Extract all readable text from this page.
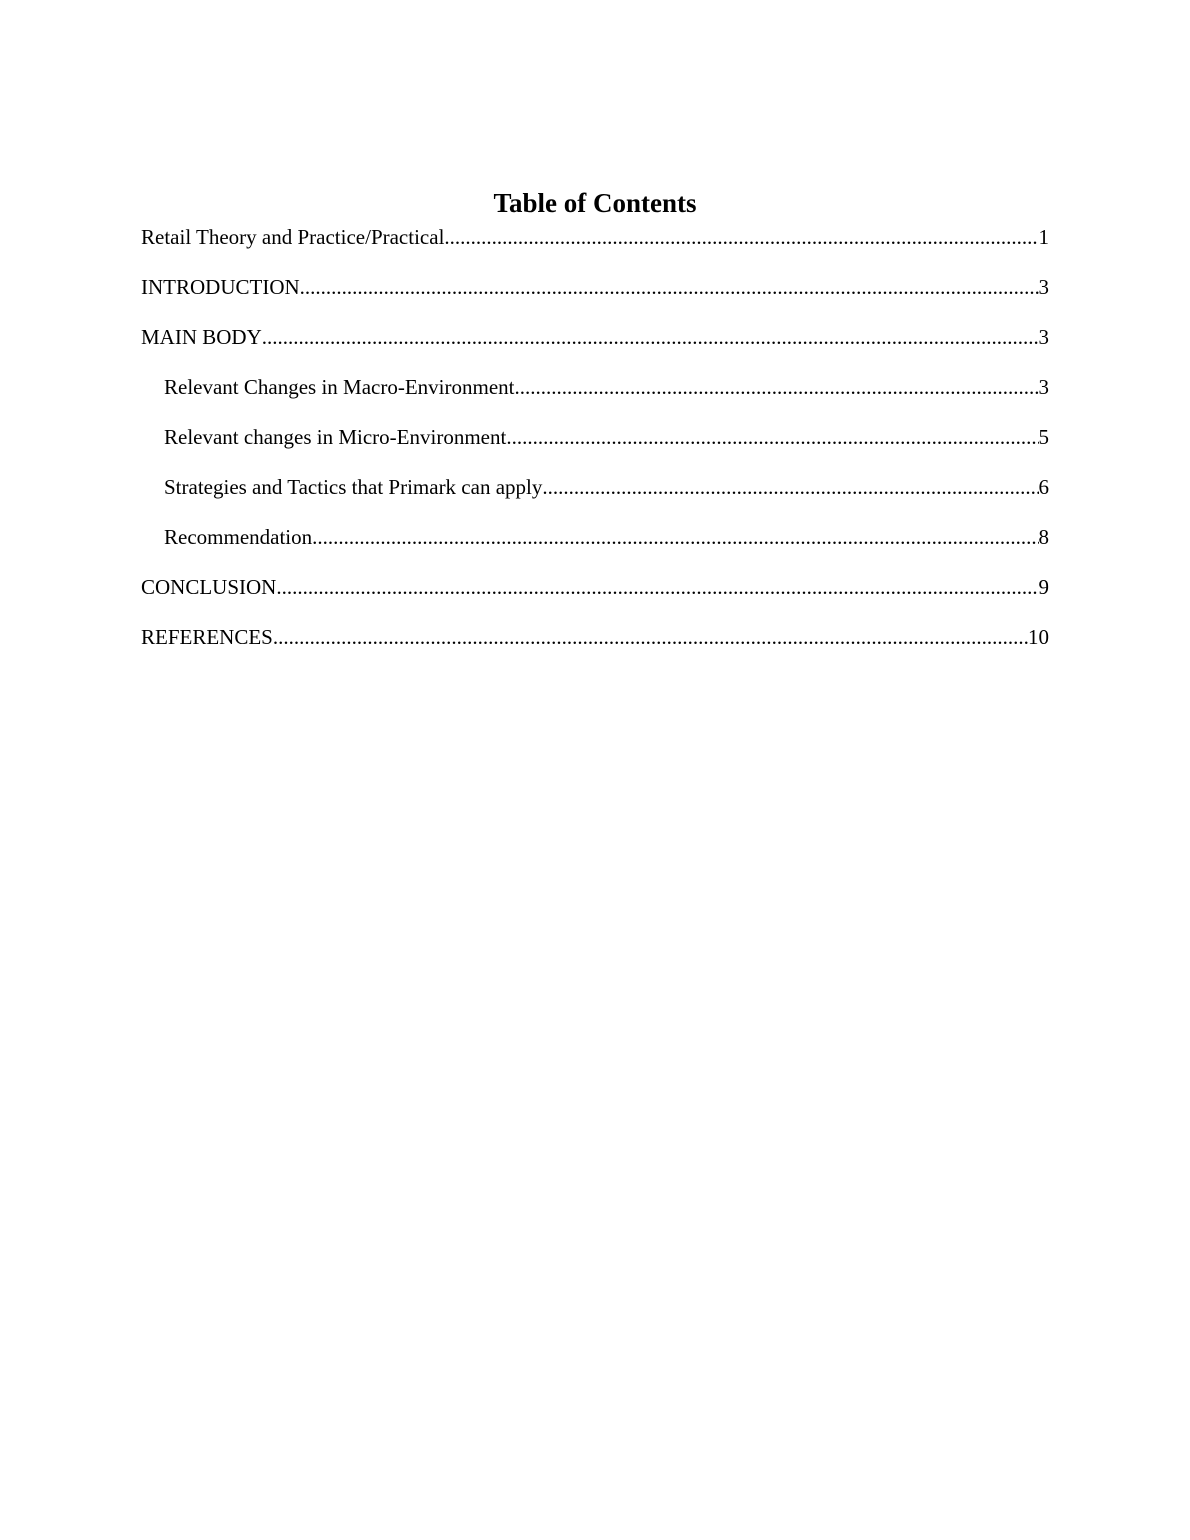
Table of Contents
Retail Theory and Practice/Practical .....	1
INTRODUCTION .....	3
MAIN BODY .....	3
Relevant Changes in Macro-Environment .....	3
Relevant changes in Micro-Environment .....	5
Strategies and Tactics that Primark can apply .....	6
Recommendation .....	8
CONCLUSION .....	9
REFERENCES .....	10
